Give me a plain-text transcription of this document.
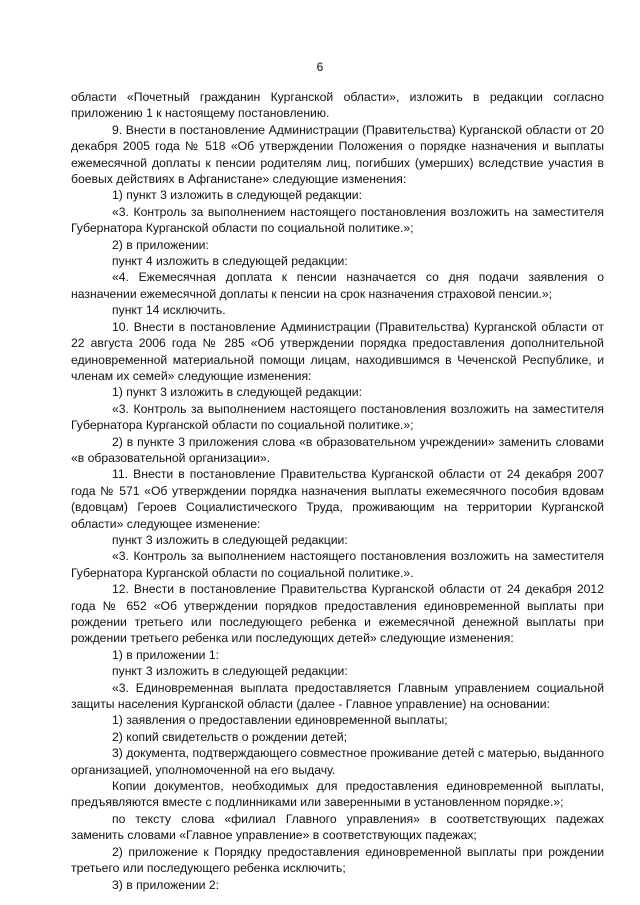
6

области «Почетный гражданин Курганской области», изложить в редакции согласно приложению 1 к настоящему постановлению.

9. Внести в постановление Администрации (Правительства) Курганской области от 20 декабря 2005 года № 518 «Об утверждении Положения о порядке назначения и выплаты ежемесячной доплаты к пенсии родителям лиц, погибших (умерших) вследствие участия в боевых действиях в Афганистане» следующие изменения:

1) пункт 3 изложить в следующей редакции:

«3. Контроль за выполнением настоящего постановления возложить на заместителя Губернатора Курганской области по социальной политике.»;

2) в приложении:

пункт 4 изложить в следующей редакции:

«4. Ежемесячная доплата к пенсии назначается со дня подачи заявления о назначении ежемесячной доплаты к пенсии на срок назначения страховой пенсии.»;

пункт 14 исключить.

10. Внести в постановление Администрации (Правительства) Курганской области от 22 августа 2006 года № 285 «Об утверждении порядка предоставления дополнительной единовременной материальной помощи лицам, находившимся в Чеченской Республике, и членам их семей» следующие изменения:

1) пункт 3 изложить в следующей редакции:

«3. Контроль за выполнением настоящего постановления возложить на заместителя Губернатора Курганской области по социальной политике.»;

2) в пункте 3 приложения слова «в образовательном учреждении» заменить словами «в образовательной организации».

11. Внести в постановление Правительства Курганской области от 24 декабря 2007 года № 571 «Об утверждении порядка назначения выплаты ежемесячного пособия вдовам (вдовцам) Героев Социалистического Труда, проживающим на территории Курганской области» следующее изменение:

пункт 3 изложить в следующей редакции:

«3. Контроль за выполнением настоящего постановления возложить на заместителя Губернатора Курганской области по социальной политике.».

12. Внести в постановление Правительства Курганской области от 24 декабря 2012 года № 652 «Об утверждении порядков предоставления единовременной выплаты при рождении третьего или последующего ребенка и ежемесячной денежной выплаты при рождении третьего ребенка или последующих детей» следующие изменения:

1) в приложении 1:

пункт 3 изложить в следующей редакции:

«3. Единовременная выплата предоставляется Главным управлением социальной защиты населения Курганской области (далее - Главное управление) на основании:

1) заявления о предоставлении единовременной выплаты;

2) копий свидетельств о рождении детей;

3) документа, подтверждающего совместное проживание детей с матерью, выданного организацией, уполномоченной на его выдачу.

Копии документов, необходимых для предоставления единовременной выплаты, предъявляются вместе с подлинниками или заверенными в установленном порядке.»;

по тексту слова «филиал Главного управления» в соответствующих падежах заменить словами «Главное управление» в соответствующих падежах;

2) приложение к Порядку предоставления единовременной выплаты при рождении третьего или последующего ребенка исключить;

3) в приложении 2:
